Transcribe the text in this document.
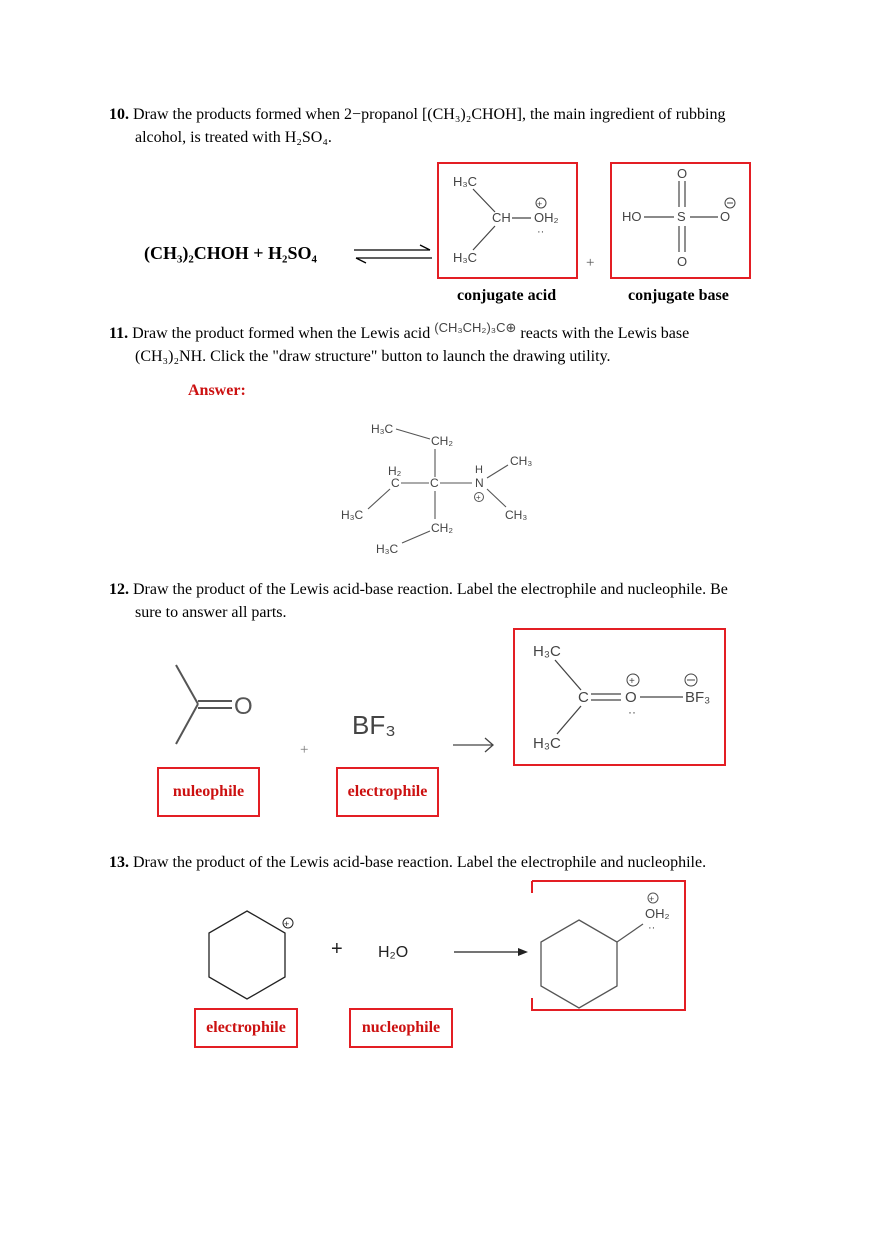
10. Draw the products formed when 2−propanol [(CH₃)₂CHOH], the main ingredient of rubbing
alcohol, is treated with H₂SO₄.
(CH₃)₂CHOH + H₂SO₄
H₃C
CH OH₂
+
··
H₃C	+
O
HO	S	O
O
conjugate acid	conjugate base
11. Draw the product formed when the Lewis acid $^{(CH_3CH_2)_3C\oplus}$ reacts with the Lewis base
(CH₃)₂NH. Click the "draw structure" button to launch the drawing utility.
Answer:
H₃C
CH₂
H₂
C	C
H
N
+
CH₃
CH₃
H₃C
CH₂
H₃C
12. Draw the product of the Lewis acid-base reaction. Label the electrophile and nucleophile. Be
sure to answer all parts.
O
BF₃
+
H₃C
C O
+
··
BF₃
H₃C
nuleophile	electrophile
13. Draw the product of the Lewis acid-base reaction. Label the electrophile and nucleophile.
+
+ H₂O
OH₂
+
··
electrophile	nucleophile
